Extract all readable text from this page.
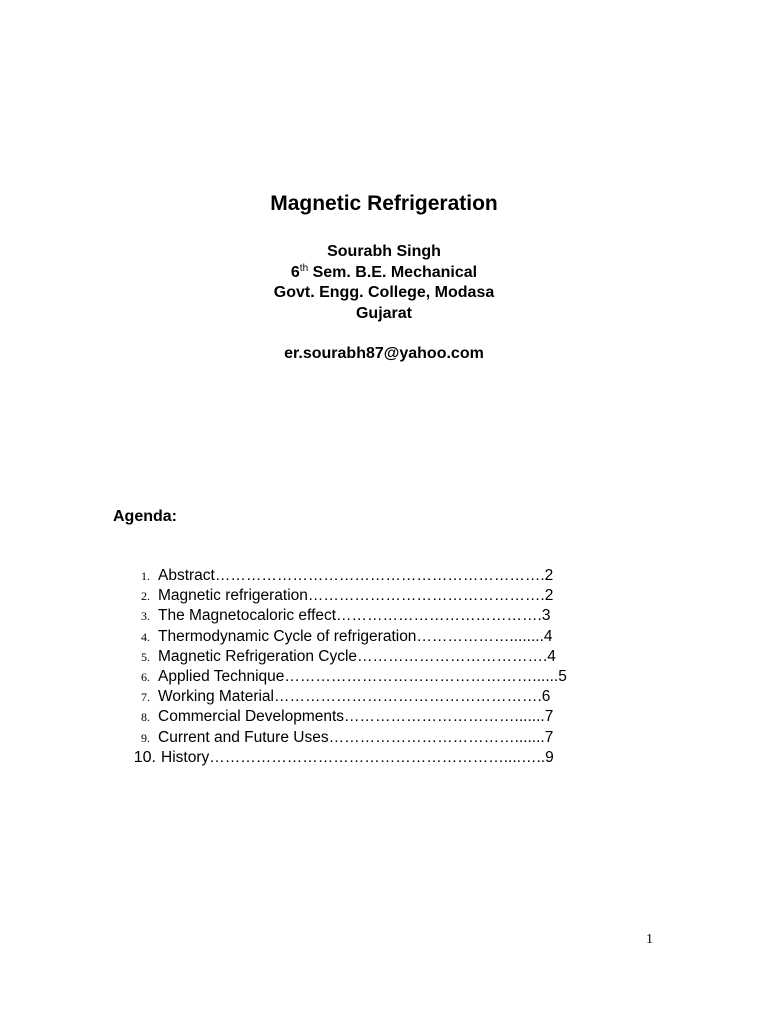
Magnetic Refrigeration
Sourabh Singh
6th Sem. B.E. Mechanical
Govt. Engg. College, Modasa
Gujarat
er.sourabh87@yahoo.com
Agenda:
1. Abstract……………………………………………………….2
2. Magnetic refrigeration……………………………………….2
3. The Magnetocaloric effect………………………………….3
4. Thermodynamic Cycle of refrigeration………………........4
5. Magnetic Refrigeration Cycle……………………………….4
6. Applied Technique…………………………………………......5
7. Working Material…………………………………………….6
8. Commercial Developments…………………………….......7
9. Current and Future Uses……………………………….......7
10. History…………………………………………………....…..9
1
